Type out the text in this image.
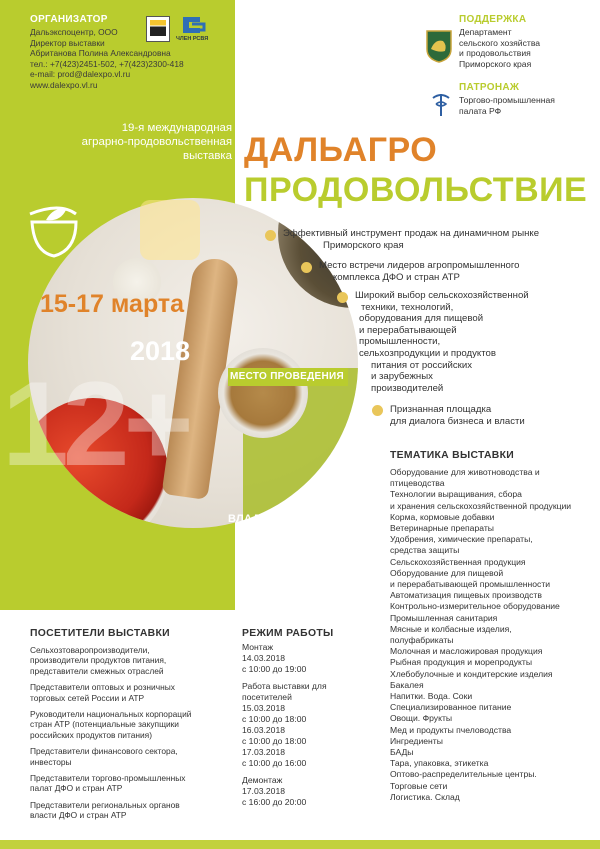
ОРГАНИЗАТОР
Дальэкспоцентр, ООО
Директор выставки
Абританова Полина Александровна
тел.: +7(423)2451-502, +7(423)2300-418
e-mail: prod@dalexpo.vl.ru
www.dalexpo.vl.ru
ЧЛЕН РСВЯ
19-я международная
аграрно-продовольственная
выставка
12+
15-17 марта
2018
МЕСТО ПРОВЕДЕНИЯ
ВЛАДИВОСТОК
о. Русский
Кампус ДВФУ
корпус В
ПОДДЕРЖКА
Департамент
сельского хозяйства
и продовольствия
Приморского края
ПАТРОНАЖ
Торгово-промышленная
палата РФ
ДАЛЬАГРО
ПРОДОВОЛЬСТВИЕ
Эффективный инструмент продаж на динамичном рынке
Приморского края
Место встречи лидеров агропромышленного
комплекса ДФО и стран АТР
Широкий выбор сельскохозяйственной
техники, технологий,
оборудования для пищевой
и перерабатывающей
промышленности,
сельхозпродукции и продуктов
питания от российских
и зарубежных
производителей
Признанная площадка
для диалога бизнеса и власти
ТЕМАТИКА ВЫСТАВКИ
Оборудование для животноводства и
птицеводства
Технологии выращивания, сбора
и хранения сельскохозяйственной продукции
Корма, кормовые добавки
Ветеринарные препараты
Удобрения, химические препараты,
средства защиты
Сельскохозяйственная продукция
Оборудование для пищевой
и перерабатывающей промышленности
Автоматизация пищевых производств
Контрольно-измерительное оборудование
Промышленная санитария
Мясные и колбасные изделия,
полуфабрикаты
Молочная и масложировая продукция
Рыбная продукция и морепродукты
Хлебобулочные и кондитерские изделия
Бакалея
Напитки. Вода. Соки
Специализированное питание
Овощи. Фрукты
Мед и продукты пчеловодства
Ингредиенты
БАДы
Тара, упаковка, этикетка
Оптово-распределительные центры.
Торговые сети
Логистика. Склад
ПОСЕТИТЕЛИ ВЫСТАВКИ
Сельхозтоваропроизводители,
производители продуктов питания,
представители смежных отраслей
Представители оптовых и розничных
торговых сетей России и АТР
Руководители национальных корпораций
стран АТР (потенциальные закупщики
российских продуктов питания)
Представители финансового сектора,
инвесторы
Представители торгово-промышленных
палат ДФО и стран АТР
Представители региональных органов
власти ДФО и стран АТР
РЕЖИМ РАБОТЫ
Монтаж
14.03.2018
с 10:00 до 19:00
Работа выставки для
посетителей
15.03.2018
с 10:00 до 18:00
16.03.2018
с 10:00 до 18:00
17.03.2018
с 10:00 до 16:00
Демонтаж
17.03.2018
с 16:00 до 20:00
